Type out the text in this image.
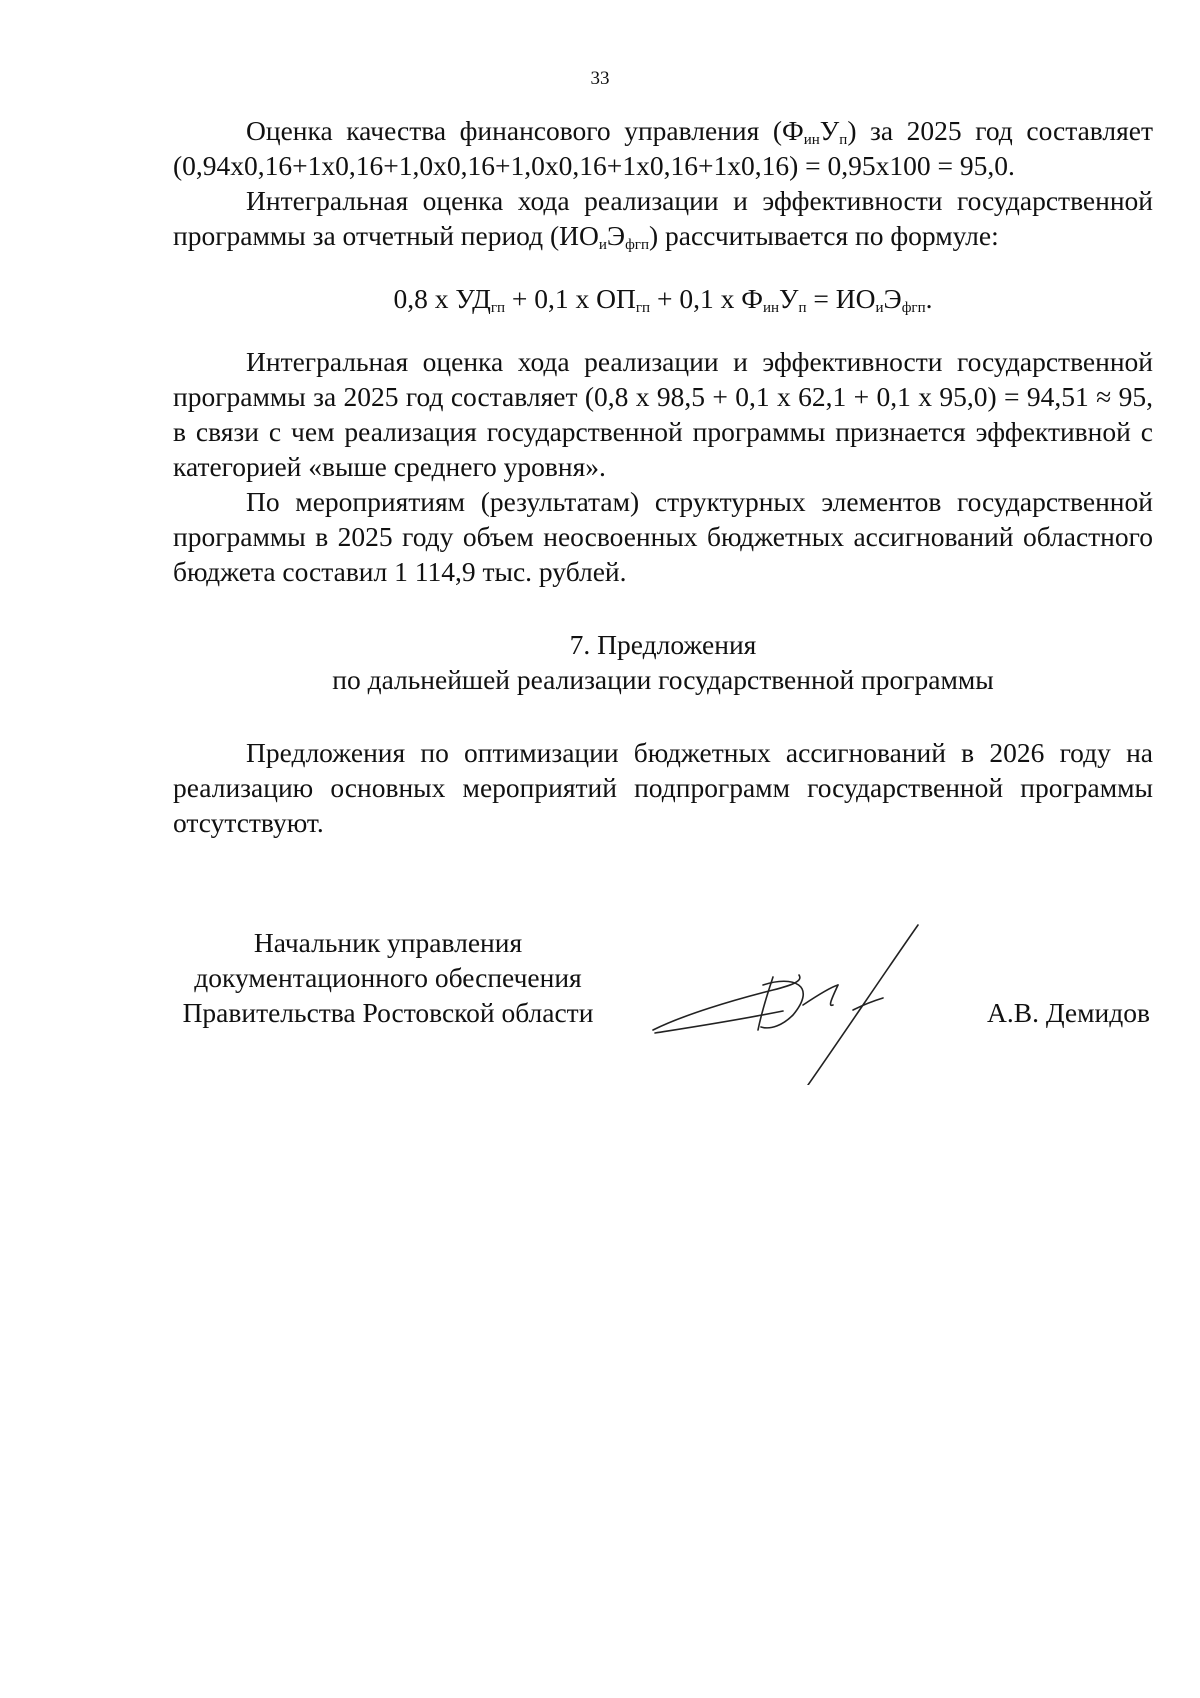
33

Оценка качества финансового управления $(Ф_{ин}У_п)$ за 2025 год составляет (0,94х0,16+1х0,16+1,0х0,16+1,0х0,16+1х0,16+1х0,16) = 0,95х100 = 95,0.

Интегральная оценка хода реализации и эффективности государственной программы за отчетный период $(ИО_иЭ_{фгп})$ рассчитывается по формуле:

0,8 х $УД_{гп} + 0,1$ х $ОП_{гп} + 0,1$ х $Ф_{ин}У_п = ИО_иЭ_{фгп}$.

Интегральная оценка хода реализации и эффективности государственной программы за 2025 год составляет (0,8 х 98,5 + 0,1 х 62,1 + 0,1 х 95,0) = 94,51 ≈ 95, в связи с чем реализация государственной программы признается эффективной с категорией «выше среднего уровня».

По мероприятиям (результатам) структурных элементов государственной программы в 2025 году объем неосвоенных бюджетных ассигнований областного бюджета составил 1 114,9 тыс. рублей.

7. Предложения
по дальнейшей реализации государственной программы

Предложения по оптимизации бюджетных ассигнований в 2026 году на реализацию основных мероприятий подпрограмм государственной программы отсутствуют.

Начальник управления
документационного обеспечения
Правительства Ростовской области	А.В. Демидов
